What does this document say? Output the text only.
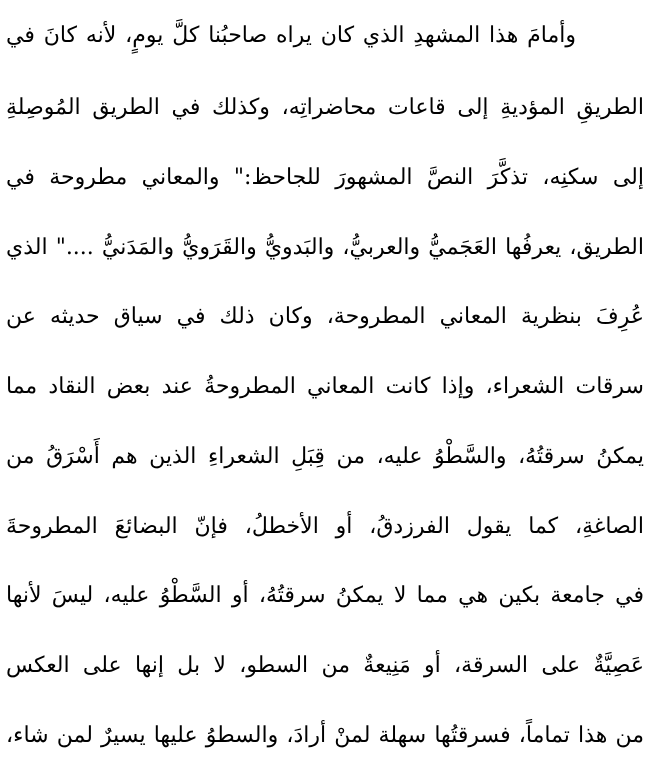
وأمامَ هذا المشهدِ الذي كان يراه صاحبُنا كلَّ يومٍ، لأنه كانَ في
الطريقِ المؤديةِ إلى قاعات محاضراتِه، وكذلك في الطريق المُوصِلةِ
إلى سكنِه، تذكَّرَ النصَّ المشهورَ للجاحظ:" والمعاني مطروحة في
الطريق، يعرفُها العَجَميُّ والعربيُّ، والبَدويُّ والقَرَويُّ والمَدَنيُّ ...." الذي
عُرِفَ بنظرية المعاني المطروحة، وكان ذلك في سياق حديثه عن
سرقات الشعراء، وإذا كانت المعاني المطروحةُ عند بعض النقاد مما
يمكنُ سرقتُهُ، والسَّطْوُ عليه، من قِبَلِ الشعراءِ الذين هم أَسْرَقُ من
الصاغةِ، كما يقول الفرزدقُ، أو الأخطلُ، فإنّ البضائعَ المطروحةَ
في جامعة بكين هي مما لا يمكنُ سرقتُهُ، أو السَّطْوُ عليه، ليسَ لأنها
عَصِيَّةٌ على السرقة، أو مَنِيعةٌ من السطو، لا بل إنها على العكس
من هذا تماماً، فسرقتُها سهلة لمنْ أرادَ، والسطوُ عليها يسيرٌ لمن شاء،
